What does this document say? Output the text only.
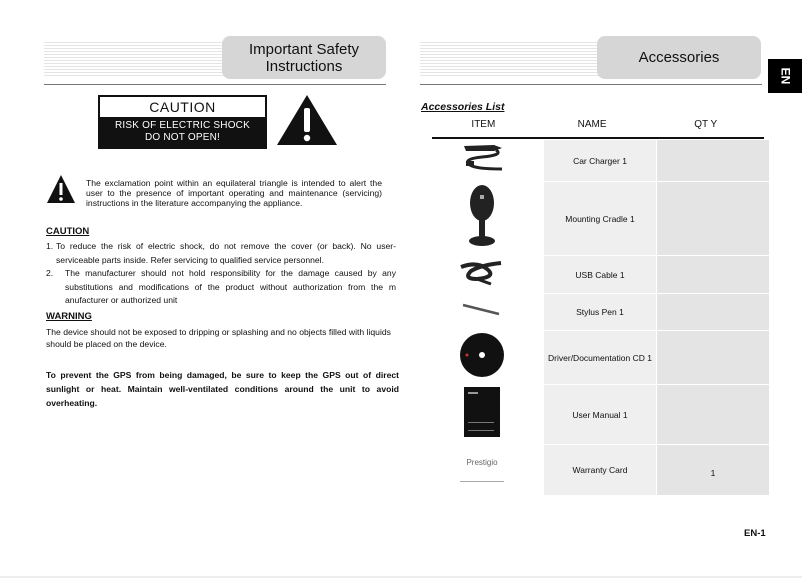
Important Safety
Instructions
CAUTION
RISK OF ELECTRIC SHOCK
DO NOT OPEN!
The exclamation point within an equilateral triangle is intended to alert the user to the presence of important operating and maintenance (servicing) instructions in the literature accompanying the appliance.
CAUTION
1. To reduce the risk of electric shock, do not remove the cover (or back). No user-serviceable parts inside. Refer servicing to qualified service personnel.
2.	The manufacturer should not hold responsibility for the damage caused by any substitutions and modifications of the product without authorization from the m anufacturer or authorized unit
WARNING
The device should not be exposed to dripping or splashing and no objects filled with liquids should be placed on the device.
To prevent the GPS from being damaged, be sure to keep the GPS out of direct sunlight or heat. Maintain well-ventilated conditions around the unit to avoid overheating.
Accessories
EN
Accessories List
ITEM	NAME	QT Y
	Car Charger 1	
	Mounting Cradle 1	
	USB Cable 1	
	Stylus Pen 1	
	Driver/Documentation CD 1	
	User Manual 1	

Prestigio	Warranty Card	1
EN-1
